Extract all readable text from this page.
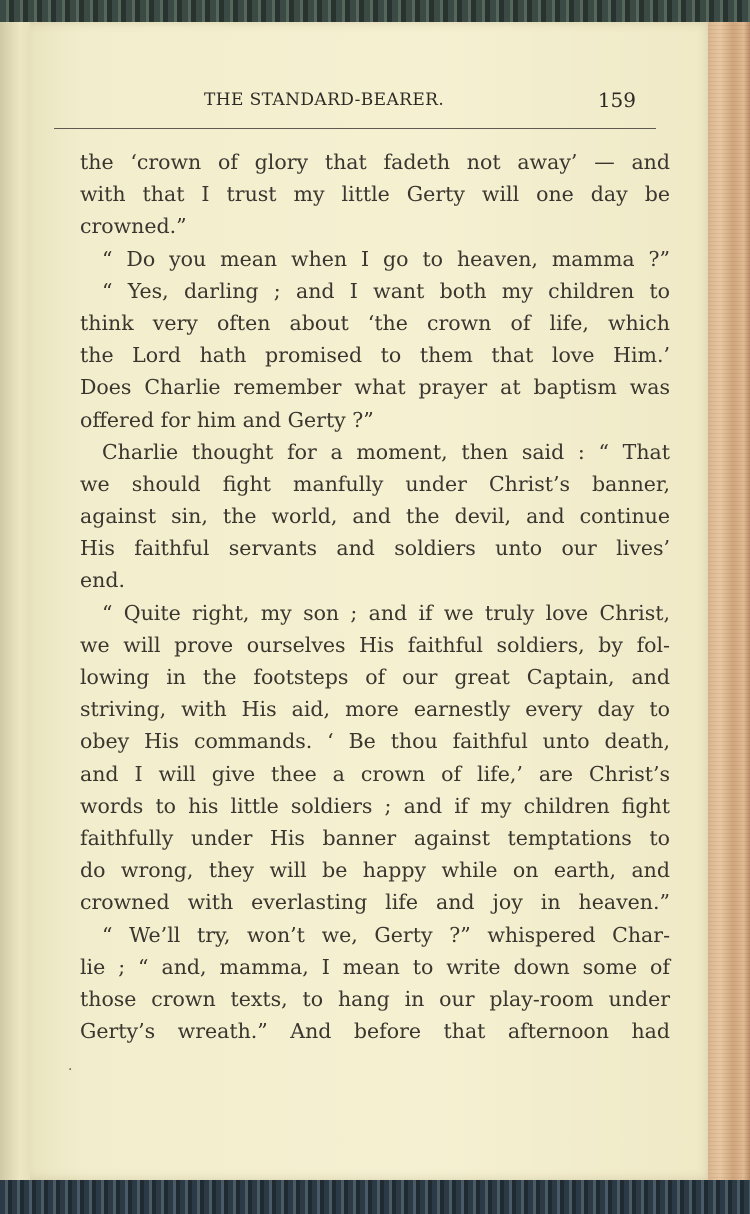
THE STANDARD-BEARER.	159
the ‘crown of glory that fadeth not away’ — and
with that I trust my little Gerty will one day be
crowned.”
“ Do you mean when I go to heaven, mamma ?”
“ Yes, darling ; and I want both my children to
think very often about ‘the crown of life, which
the Lord hath promised to them that love Him.’
Does Charlie remember what prayer at baptism was
offered for him and Gerty ?”
Charlie thought for a moment, then said : “ That
we should fight manfully under Christ’s banner,
against sin, the world, and the devil, and continue
His faithful servants and soldiers unto our lives’
end.
“ Quite right, my son ; and if we truly love Christ,
we will prove ourselves His faithful soldiers, by fol-
lowing in the footsteps of our great Captain, and
striving, with His aid, more earnestly every day to
obey His commands. ‘ Be thou faithful unto death,
and I will give thee a crown of life,’ are Christ’s
words to his little soldiers ; and if my children fight
faithfully under His banner against temptations to
do wrong, they will be happy while on earth, and
crowned with everlasting life and joy in heaven.”
“ We’ll try, won’t we, Gerty ?” whispered Char-
lie ; “ and, mamma, I mean to write down some of
those crown texts, to hang in our play-room under
Gerty’s wreath.” And before that afternoon had
·
